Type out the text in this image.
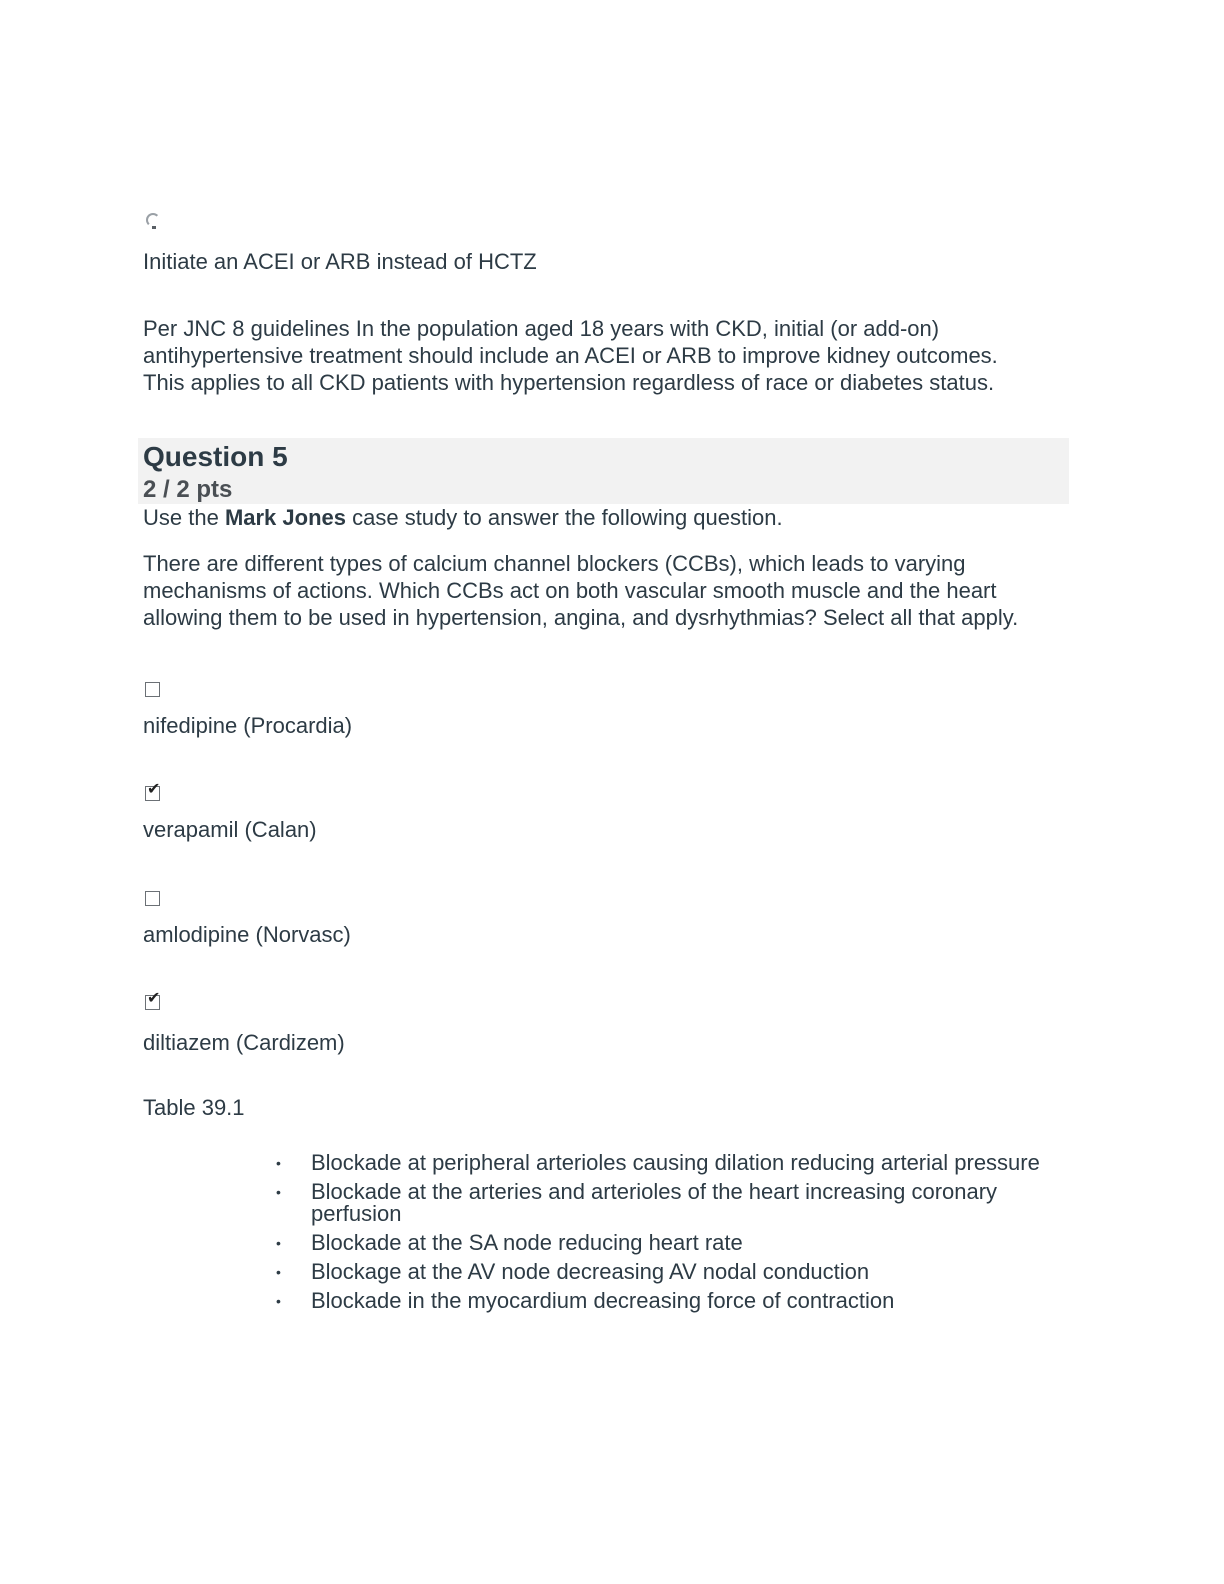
Initiate an ACEI or ARB instead of HCTZ
Per JNC 8 guidelines In the population aged 18 years with CKD, initial (or add-on)
antihypertensive treatment should include an ACEI or ARB to improve kidney outcomes.
This applies to all CKD patients with hypertension regardless of race or diabetes status.
Question 5
2 / 2 pts
Use the Mark Jones case study to answer the following question.
There are different types of calcium channel blockers (CCBs), which leads to varying mechanisms of actions. Which CCBs act on both vascular smooth muscle and the heart allowing them to be used in hypertension, angina, and dysrhythmias? Select all that apply.
nifedipine (Procardia)
✔
verapamil (Calan)
amlodipine (Norvasc)
✔
diltiazem (Cardizem)
Table 39.1
• Blockade at peripheral arterioles causing dilation reducing arterial pressure
• Blockade at the arteries and arterioles of the heart increasing coronary perfusion
• Blockade at the SA node reducing heart rate
• Blockage at the AV node decreasing AV nodal conduction
• Blockade in the myocardium decreasing force of contraction
